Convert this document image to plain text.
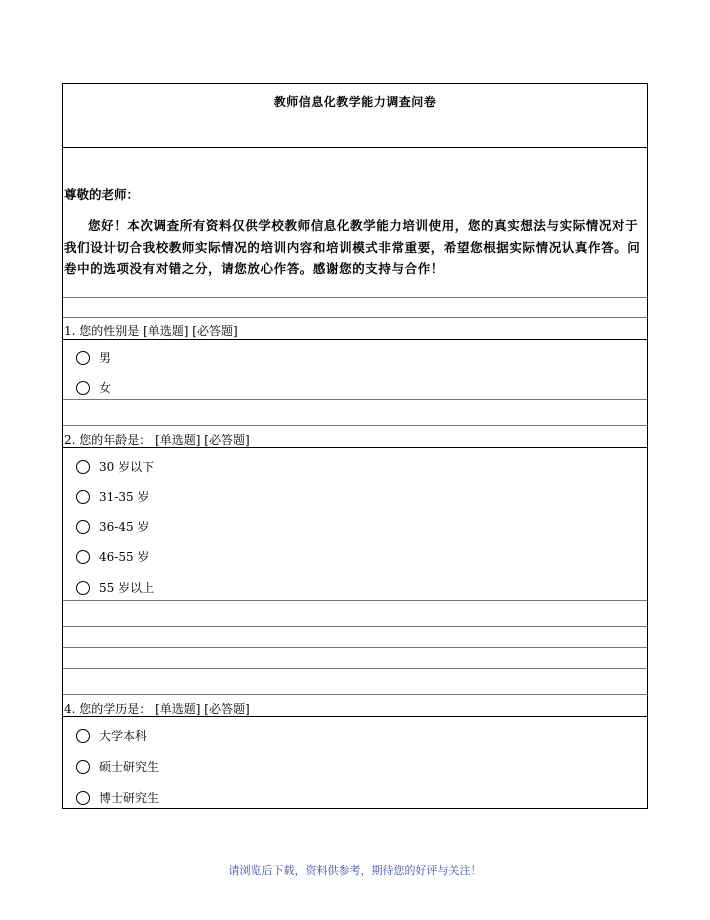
教师信息化教学能力调查问卷
尊敬的老师：
您好！本次调查所有资料仅供学校教师信息化教学能力培训使用，您的真实想法与实际情况对于我们设计切合我校教师实际情况的培训内容和培训模式非常重要，希望您根据实际情况认真作答。问卷中的选项没有对错之分，请您放心作答。感谢您的支持与合作！
1. 您的性别是 [单选题] [必答题]
男
女
2. 您的年龄是： [单选题] [必答题]
30 岁以下
31-35 岁
36-45 岁
46-55 岁
55 岁以上
4. 您的学历是： [单选题] [必答题]
大学本科
硕士研究生
博士研究生
请浏览后下载，资料供参考，期待您的好评与关注！
